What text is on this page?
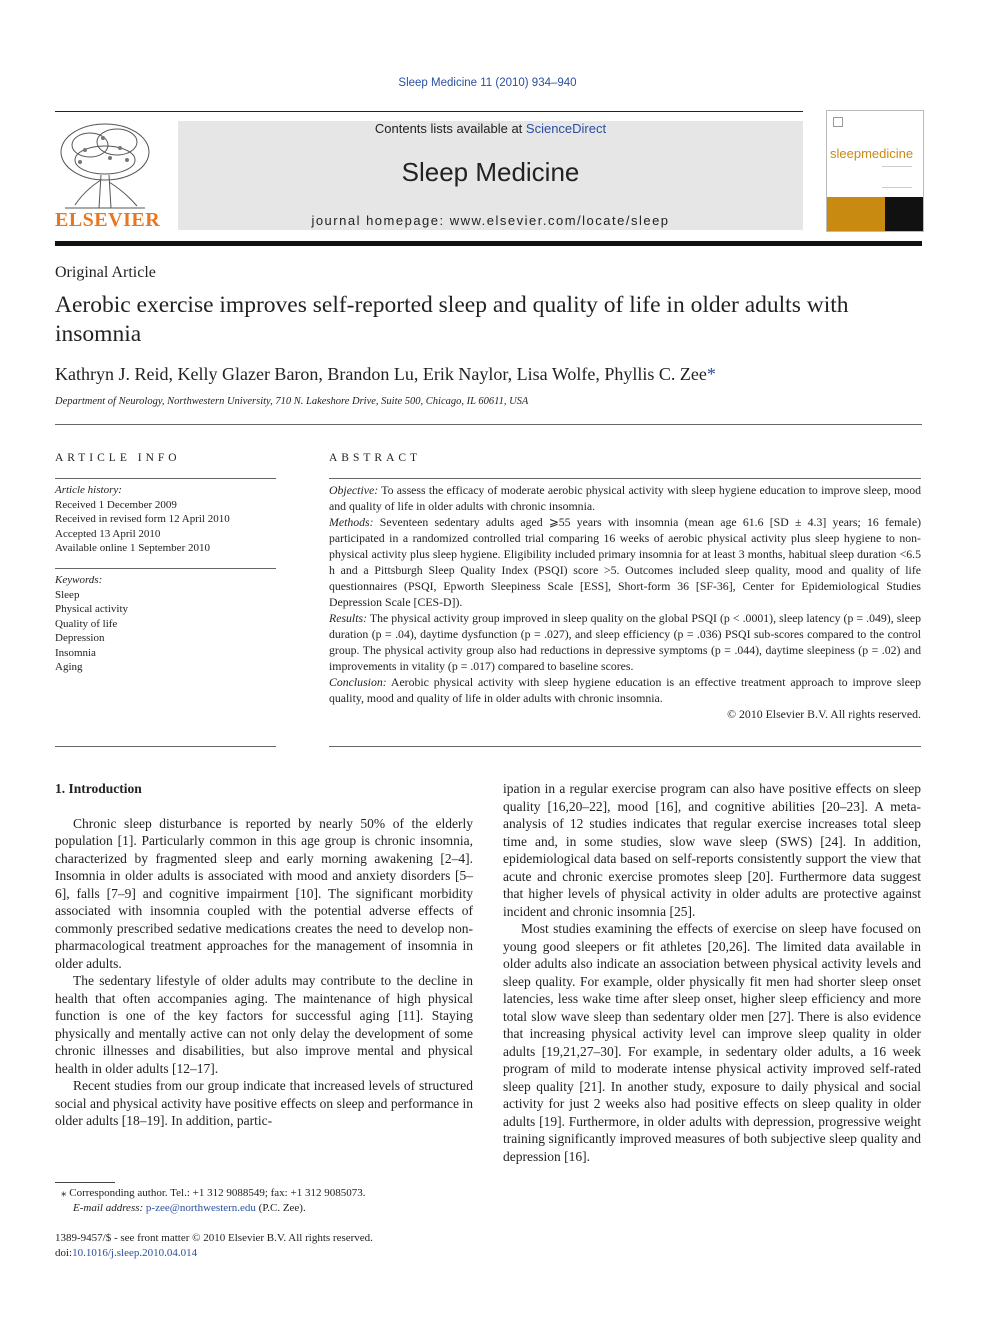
Sleep Medicine 11 (2010) 934–940
ELSEVIER
Contents lists available at ScienceDirect
Sleep Medicine
journal homepage: www.elsevier.com/locate/sleep
sleepmedicine
Original Article
Aerobic exercise improves self-reported sleep and quality of life in older adults with insomnia
Kathryn J. Reid, Kelly Glazer Baron, Brandon Lu, Erik Naylor, Lisa Wolfe, Phyllis C. Zee*
Department of Neurology, Northwestern University, 710 N. Lakeshore Drive, Suite 500, Chicago, IL 60611, USA
ARTICLE INFO
Article history:
Received 1 December 2009
Received in revised form 12 April 2010
Accepted 13 April 2010
Available online 1 September 2010
Keywords:
Sleep
Physical activity
Quality of life
Depression
Insomnia
Aging
ABSTRACT

Objective: To assess the efficacy of moderate aerobic physical activity with sleep hygiene education to improve sleep, mood and quality of life in older adults with chronic insomnia.

Methods: Seventeen sedentary adults aged ⩾55 years with insomnia (mean age 61.6 [SD ± 4.3] years; 16 female) participated in a randomized controlled trial comparing 16 weeks of aerobic physical activity plus sleep hygiene to non-physical activity plus sleep hygiene. Eligibility included primary insomnia for at least 3 months, habitual sleep duration <6.5 h and a Pittsburgh Sleep Quality Index (PSQI) score >5. Outcomes included sleep quality, mood and quality of life questionnaires (PSQI, Epworth Sleepiness Scale [ESS], Short-form 36 [SF-36], Center for Epidemiological Studies Depression Scale [CES-D]).

Results: The physical activity group improved in sleep quality on the global PSQI (p < .0001), sleep latency (p = .049), sleep duration (p = .04), daytime dysfunction (p = .027), and sleep efficiency (p = .036) PSQI sub-scores compared to the control group. The physical activity group also had reductions in depressive symptoms (p = .044), daytime sleepiness (p = .02) and improvements in vitality (p = .017) compared to baseline scores.

Conclusion: Aerobic physical activity with sleep hygiene education is an effective treatment approach to improve sleep quality, mood and quality of life in older adults with chronic insomnia.

© 2010 Elsevier B.V. All rights reserved.

1. Introduction

Chronic sleep disturbance is reported by nearly 50% of the elderly population [1]. Particularly common in this age group is chronic insomnia, characterized by fragmented sleep and early morning awakening [2–4]. Insomnia in older adults is associated with mood and anxiety disorders [5–6], falls [7–9] and cognitive impairment [10]. The significant morbidity associated with insomnia coupled with the potential adverse effects of commonly prescribed sedative medications creates the need to develop non-pharmacological treatment approaches for the management of insomnia in older adults.

The sedentary lifestyle of older adults may contribute to the decline in health that often accompanies aging. The maintenance of high physical function is one of the key factors for successful aging [11]. Staying physically and mentally active can not only delay the development of some chronic illnesses and disabilities, but also improve mental and physical health in older adults [12–17].

Recent studies from our group indicate that increased levels of structured social and physical activity have positive effects on sleep and performance in older adults [18–19]. In addition, partic-

ipation in a regular exercise program can also have positive effects on sleep quality [16,20–22], mood [16], and cognitive abilities [20–23]. A meta-analysis of 12 studies indicates that regular exercise increases total sleep time and, in some studies, slow wave sleep (SWS) [24]. In addition, epidemiological data based on self-reports consistently support the view that acute and chronic exercise promotes sleep [20]. Furthermore data suggest that higher levels of physical activity in older adults are protective against incident and chronic insomnia [25].

Most studies examining the effects of exercise on sleep have focused on young good sleepers or fit athletes [20,26]. The limited data available in older adults also indicate an association between physical activity levels and sleep quality. For example, older physically fit men had shorter sleep onset latencies, less wake time after sleep onset, higher sleep efficiency and more total slow wave sleep than sedentary older men [27]. There is also evidence that increasing physical activity level can improve sleep quality in older adults [19,21,27–30]. For example, in sedentary older adults, a 16 week program of mild to moderate intense physical activity improved self-rated sleep quality [21]. In another study, exposure to daily physical and social activity for just 2 weeks also had positive effects on sleep quality in older adults [19]. Furthermore, in older adults with depression, progressive weight training significantly improved measures of both subjective sleep quality and depression [16].

⁎ Corresponding author. Tel.: +1 312 9088549; fax: +1 312 9085073.
E-mail address: p-zee@northwestern.edu (P.C. Zee).
1389-9457/$ - see front matter © 2010 Elsevier B.V. All rights reserved.
doi:10.1016/j.sleep.2010.04.014
